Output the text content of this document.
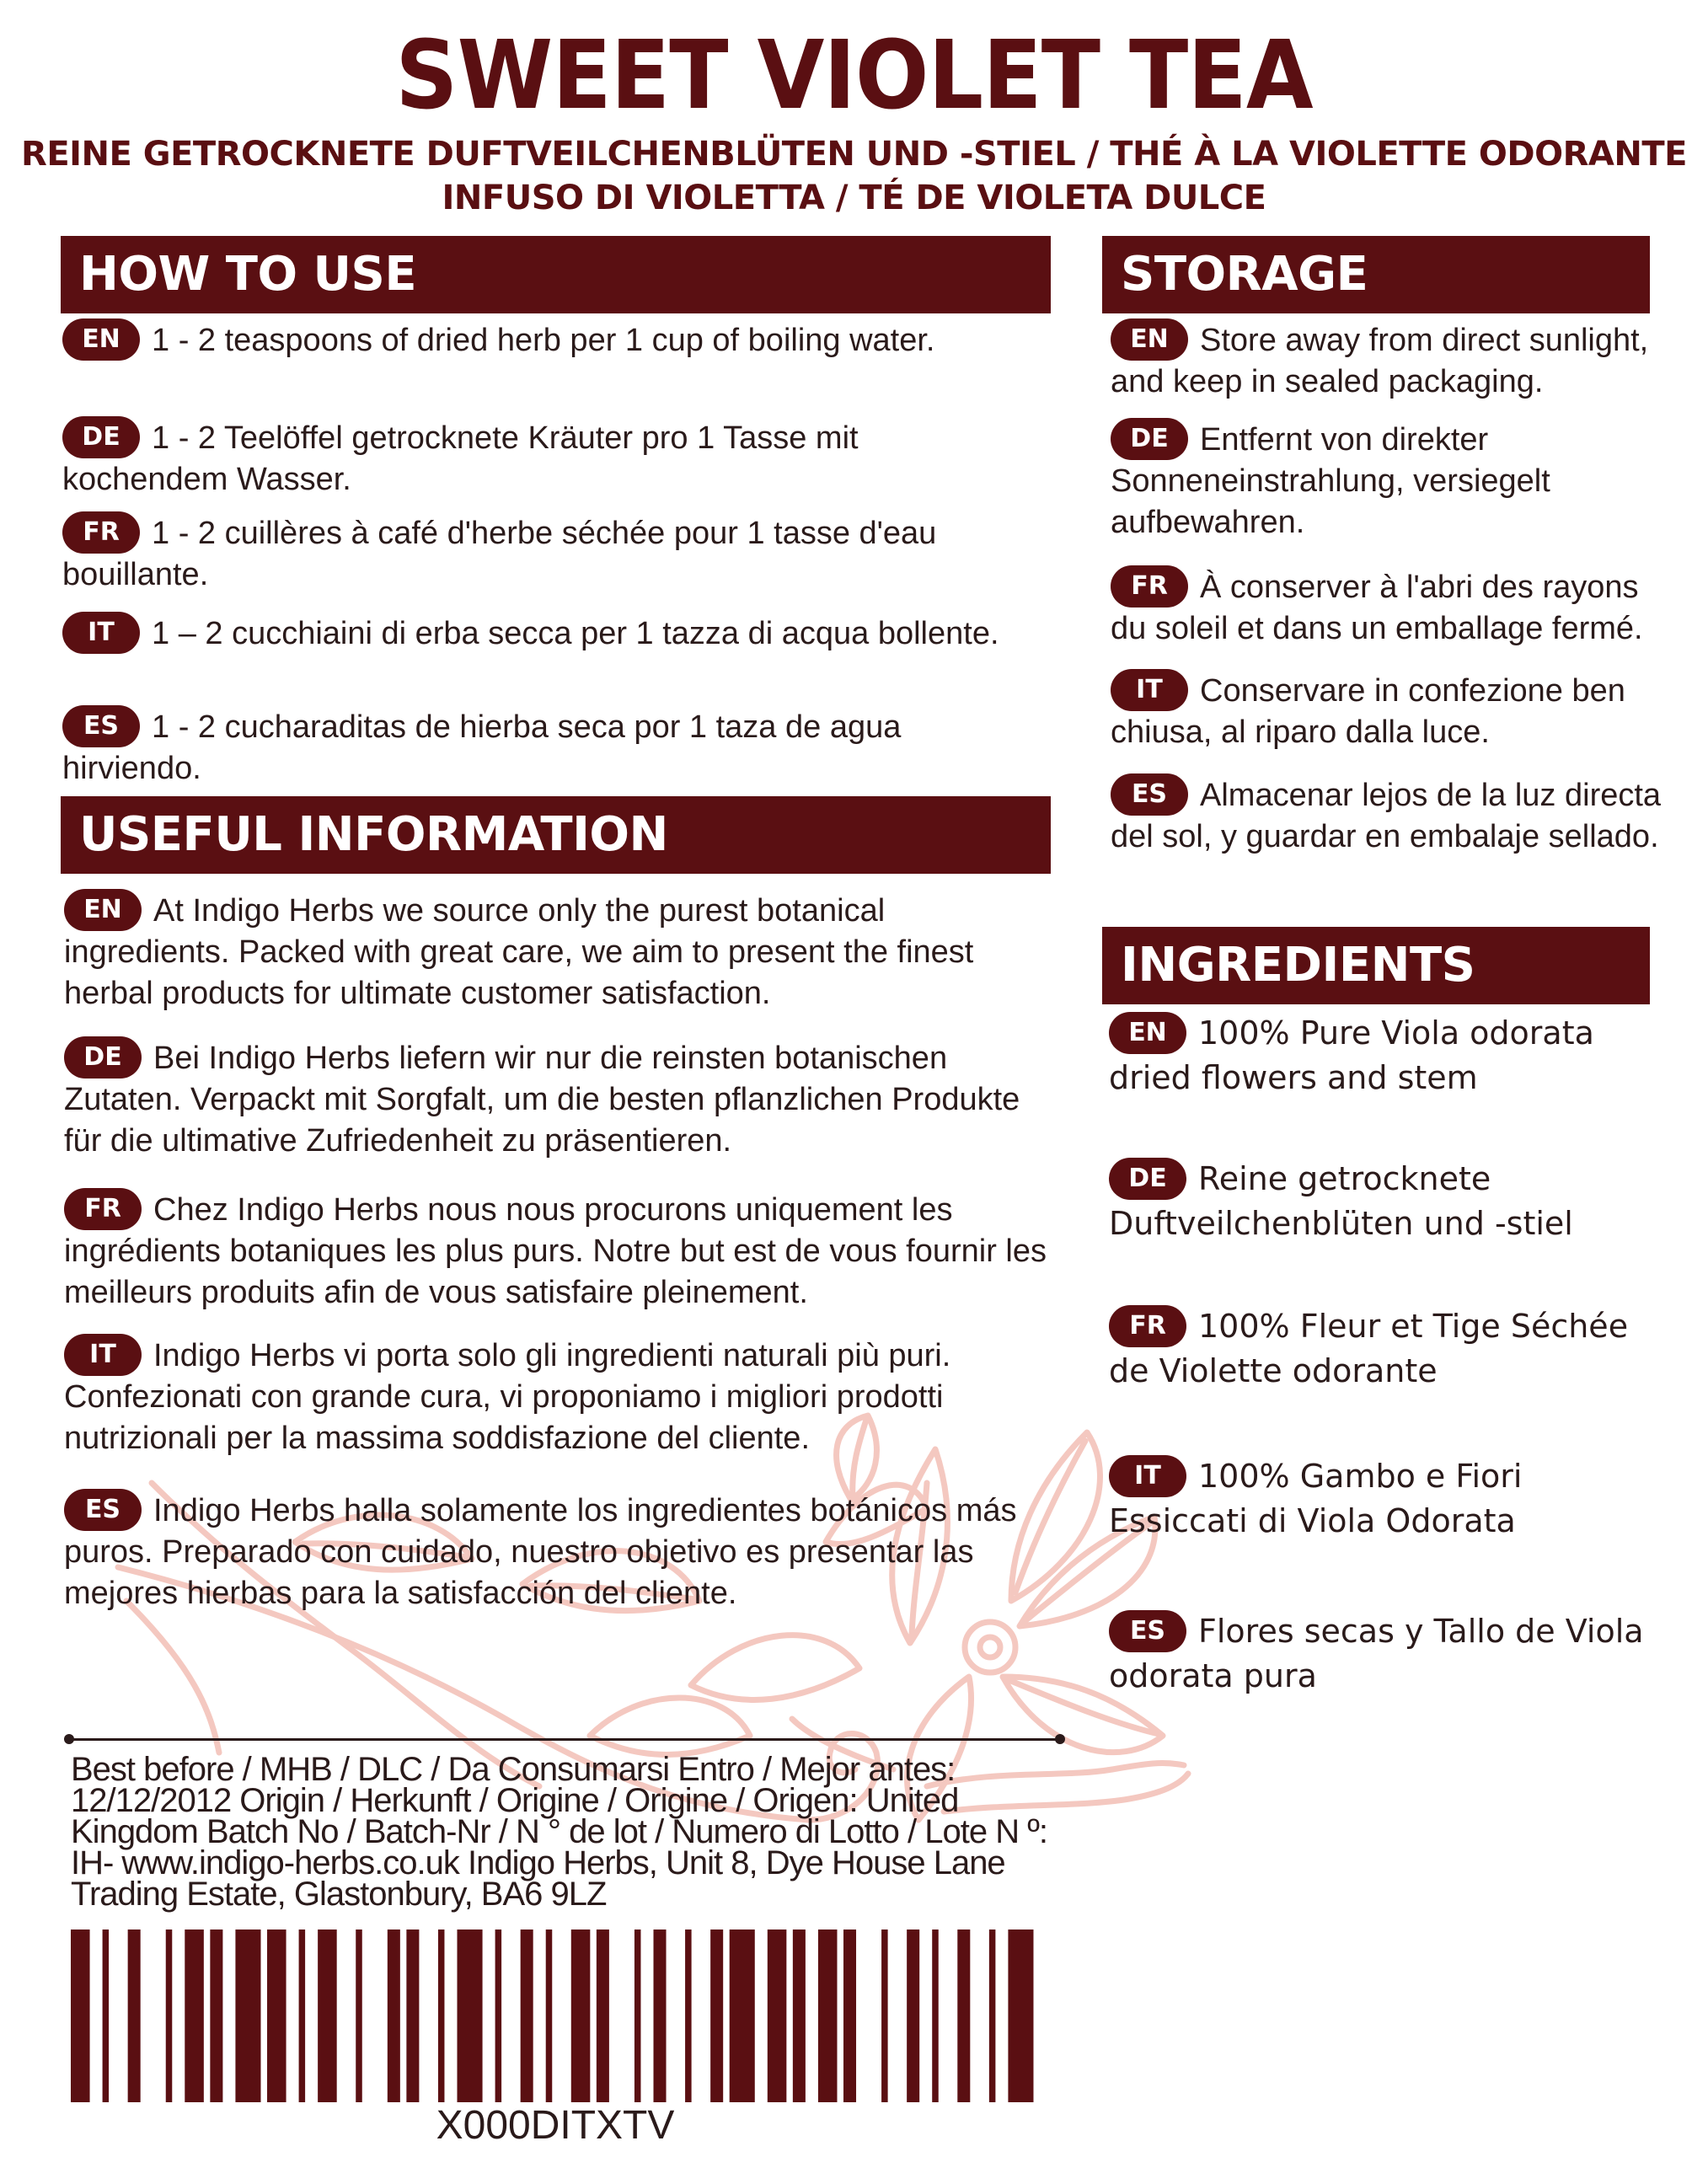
SWEET VIOLET TEA
REINE GETROCKNETE DUFTVEILCHENBLÜTEN UND -STIEL / THÉ À LA VIOLETTE ODORANTE
INFUSO DI VIOLETTA / TÉ DE VIOLETA DULCE
HOW TO USE

EN 1 - 2 teaspoons of dried herb per 1 cup of boiling water.

DE 1 - 2 Teelöffel getrocknete Kräuter pro 1 Tasse mit kochendem Wasser.

FR 1 - 2 cuillères à café d'herbe séchée pour 1 tasse d'eau bouillante.

IT 1 – 2 cucchiaini di erba secca per 1 tazza di acqua bollente.

ES 1 - 2 cucharaditas de hierba seca por 1 taza de agua hirviendo.

USEFUL INFORMATION

EN At Indigo Herbs we source only the purest botanical ingredients. Packed with great care, we aim to present the finest herbal products for ultimate customer satisfaction.

DE Bei Indigo Herbs liefern wir nur die reinsten botanischen Zutaten. Verpackt mit Sorgfalt, um die besten pflanzlichen Produkte für die ultimative Zufriedenheit zu präsentieren.

FR Chez Indigo Herbs nous nous procurons uniquement les ingrédients botaniques les plus purs. Notre but est de vous fournir les meilleurs produits afin de vous satisfaire pleinement.

IT Indigo Herbs vi porta solo gli ingredienti naturali più puri. Confezionati con grande cura, vi proponiamo i migliori prodotti nutrizionali per la massima soddisfazione del cliente.

ES Indigo Herbs halla solamente los ingredientes botánicos más puros. Preparado con cuidado, nuestro objetivo es presentar las mejores hierbas para la satisfacción del cliente.

STORAGE

EN Store away from direct sunlight, and keep in sealed packaging.

DE Entfernt von direkter Sonneneinstrahlung, versiegelt aufbewahren.

FR À conserver à l'abri des rayons du soleil et dans un emballage fermé.

IT Conservare in confezione ben chiusa, al riparo dalla luce.

ES Almacenar lejos de la luz directa del sol, y guardar en embalaje sellado.

INGREDIENTS

EN 100% Pure Viola odorata dried flowers and stem

DE Reine getrocknete Duftveilchenblüten und -stiel

FR 100% Fleur et Tige Séchée de Violette odorante

IT 100% Gambo e Fiori Essiccati di Viola Odorata

ES Flores secas y Tallo de Viola odorata pura

Best before / MHB / DLC / Da Consumarsi Entro / Mejor antes: 12/12/2012 Origin / Herkunft / Origine / Origine / Origen: United Kingdom Batch No / Batch-Nr / N ° de lot / Numero di Lotto / Lote N º: IH- www.indigo-herbs.co.uk Indigo Herbs, Unit 8, Dye House Lane Trading Estate, Glastonbury, BA6 9LZ

X000DITXTV
